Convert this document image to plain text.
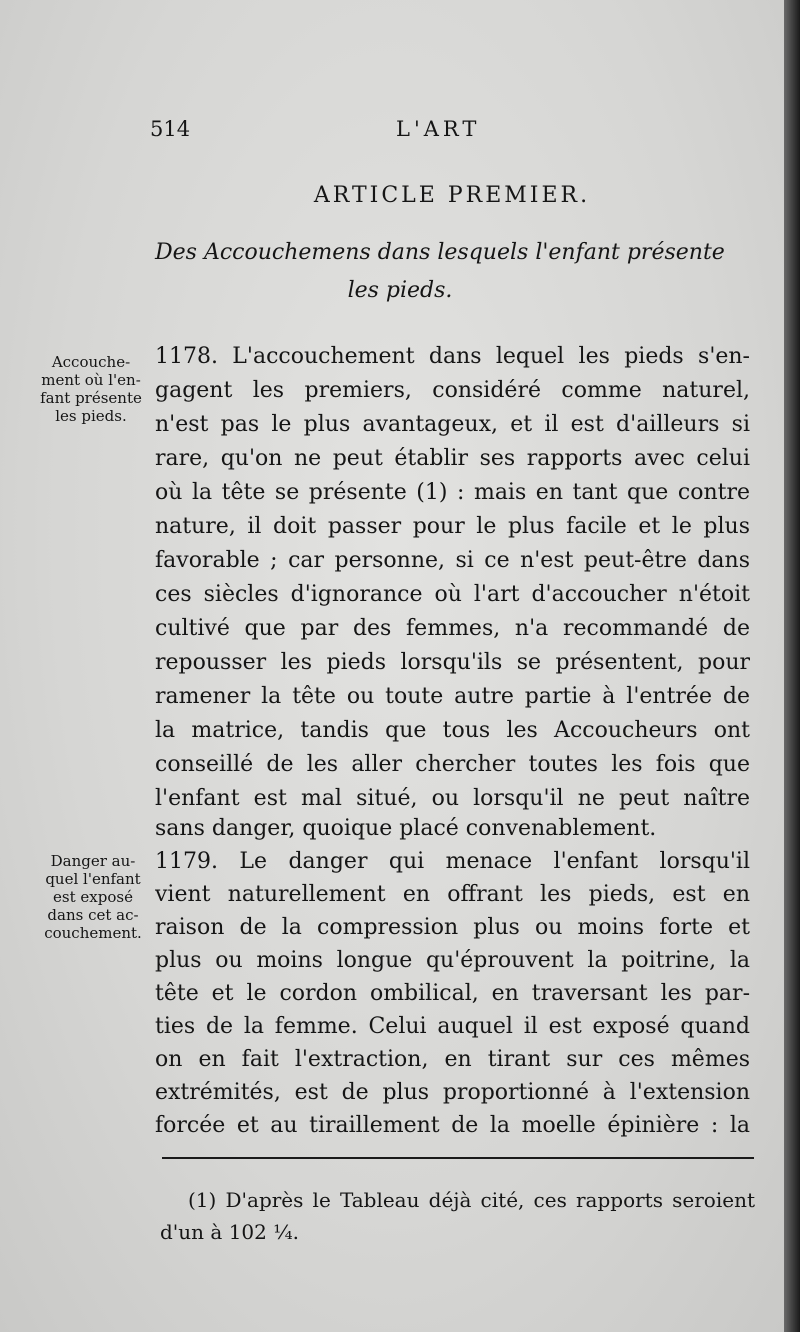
514	L'ART
ARTICLE PREMIER.
Des Accouchemens dans lesquels l'enfant présente
les pieds.
Accouche-
ment où l'en-
fant présente
les pieds.
Danger au-
quel l'enfant
est exposé
dans cet ac-
couchement.
1178. L'accouchement dans lequel les pieds s'en-
gagent les premiers, considéré comme naturel,
n'est pas le plus avantageux, et il est d'ailleurs si
rare, qu'on ne peut établir ses rapports avec celui
où la tête se présente (1) : mais en tant que contre
nature, il doit passer pour le plus facile et le plus
favorable ; car personne, si ce n'est peut-être dans
ces siècles d'ignorance où l'art d'accoucher n'étoit
cultivé que par des femmes, n'a recommandé de
repousser les pieds lorsqu'ils se présentent, pour
ramener la tête ou toute autre partie à l'entrée de
la matrice, tandis que tous les Accoucheurs ont
conseillé de les aller chercher toutes les fois que
l'enfant est mal situé, ou lorsqu'il ne peut naître
sans danger, quoique placé convenablement.
1179. Le danger qui menace l'enfant lorsqu'il
vient naturellement en offrant les pieds, est en
raison de la compression plus ou moins forte et
plus ou moins longue qu'éprouvent la poitrine, la
tête et le cordon ombilical, en traversant les par-
ties de la femme. Celui auquel il est exposé quand
on en fait l'extraction, en tirant sur ces mêmes
extrémités, est de plus proportionné à l'extension
forcée et au tiraillement de la moelle épinière : la
(1) D'après le Tableau déjà cité, ces rapports seroient
d'un à 102 ¼.
